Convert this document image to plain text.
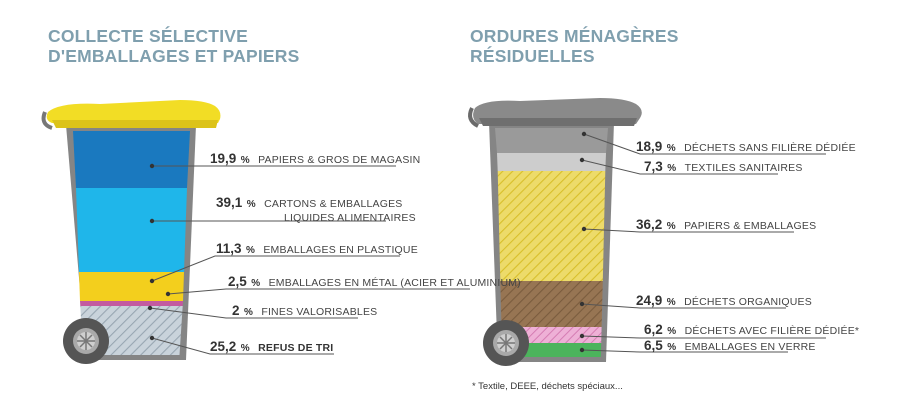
COLLECTE SÉLECTIVE
D'EMBALLAGES ET PAPIERS
ORDURES MÉNAGÈRES
RÉSIDUELLES
19,9 % PAPIERS & GROS DE MAGASIN
39,1 % CARTONS & EMBALLAGES
LIQUIDES ALIMENTAIRES
11,3 % EMBALLAGES EN PLASTIQUE
2,5 % EMBALLAGES EN MÉTAL (ACIER ET ALUMINIUM)
2 % FINES VALORISABLES
25,2 % REFUS DE TRI
18,9 % DÉCHETS SANS FILIÈRE DÉDIÉE
7,3 % TEXTILES SANITAIRES
36,2 % PAPIERS & EMBALLAGES
24,9 % DÉCHETS ORGANIQUES
6,2 % DÉCHETS AVEC FILIÈRE DÉDIÉE*
6,5 % EMBALLAGES EN VERRE
* Textile, DEEE, déchets spéciaux...
